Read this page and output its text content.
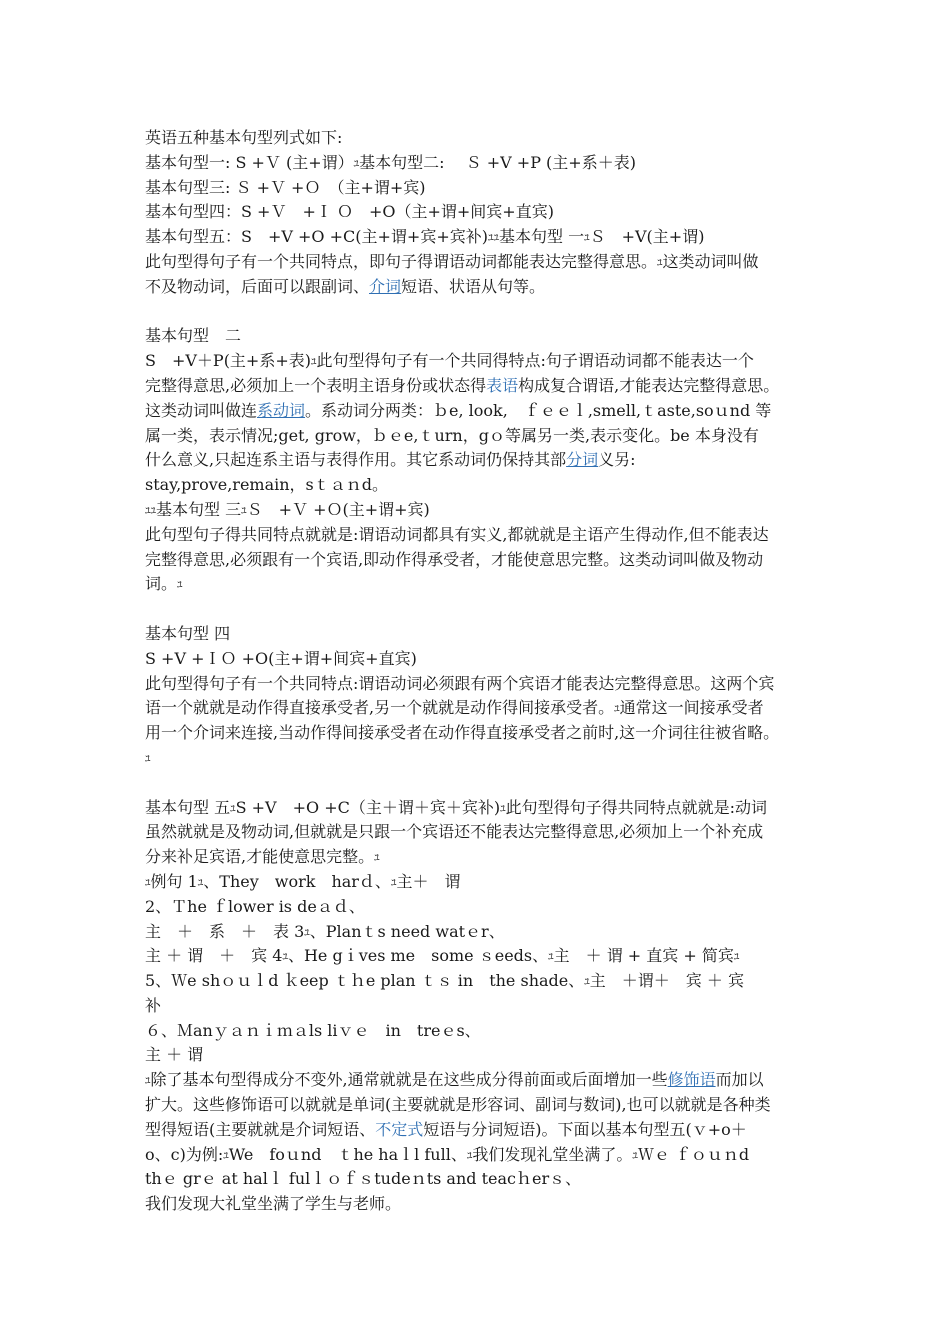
英语五种基本句型列式如下:
基本句型一: S +Ｖ (主+谓）ﾕ基本句型二: 　Ｓ +V +P (主+系＋表)
基本句型三: Ｓ +Ｖ +Ｏ　（主+谓+宾)
基本句型四：S +Ｖ　+Ｉ Ｏ　+O（主+谓+间宾+直宾)
基本句型五：S　+V +O +C(主+谓+宾+宾补)ﾕﾕ基本句型 一ﾕＳ　+V(主+谓)
此句型得句子有一个共同特点，即句子得谓语动词都能表达完整得意思。ﾕ这类动词叫做
不及物动词，后面可以跟副词、介词短语、状语从句等。
基本句型　二
S　+V＋P(主+系+表)ﾕ此句型得句子有一个共同得特点:句子谓语动词都不能表达一个
完整得意思,必须加上一个表明主语身份或状态得表语构成复合谓语,才能表达完整得意思。
这类动词叫做连系动词。系动词分两类：ｂe, look,　ｆｅｅｌ,smell,ｔaste,soｕnd 等
属一类，表示情况;get, grow，ｂｅe,ｔurn，gｏ等属另一类,表示变化。be 本身没有
什么意义,只起连系主语与表得作用。其它系动词仍保持其部分词义另:
stay,prove,remain，sｔａｎd。
ﾕﾕ基本句型 三ﾕＳ　+Ｖ +Ｏ(主+谓+宾)
此句型句子得共同特点就就是:谓语动词都具有实义,都就就是主语产生得动作,但不能表达
完整得意思,必须跟有一个宾语,即动作得承受者，才能使意思完整。这类动词叫做及物动
词。ﾕ
基本句型 四
S +V +ＩＯ +O(主+谓+间宾+直宾)
此句型得句子有一个共同特点:谓语动词必须跟有两个宾语才能表达完整得意思。这两个宾
语一个就就是动作得直接承受者,另一个就就是动作得间接承受者。ﾕ通常这一间接承受者
用一个介词来连接,当动作得间接承受者在动作得直接承受者之前时,这一介词往往被省略。
ﾕ
基本句型 五ﾕS +V　+O +C（主＋谓＋宾＋宾补)ﾕ此句型得句子得共同特点就就是:动词
虽然就就是及物动词,但就就是只跟一个宾语还不能表达完整得意思,必须加上一个补充成
分来补足宾语,才能使意思完整。ﾕ
ﾕ例句 1ﾕ、They　work　harｄ、ﾕ主＋　谓
2、Ｔhe ｆlower is deａｄ、
主　＋　系　＋　表 3ﾕ、Planｔs need watｅr、
主 ＋ 谓　＋　宾 4ﾕ、He gｉves me　some ｓeeds、ﾕ主　＋ 谓 + 直宾 + 简宾ﾕ
5、Ｗe shｏｕｌd ｋeep ｔｈe plan ｔｓ in　the shade、ﾕ主　＋谓＋　宾 ＋ 宾
补
６、Ｍanｙａｎｉｍａls liｖｅ　in　treｅs、
主 ＋ 谓
ﾕ除了基本句型得成分不变外,通常就就是在这些成分得前面或后面增加一些修饰语而加以
扩大。这些修饰语可以就就是单词(主要就就是形容词、副词与数词),也可以就就是各种类
型得短语(主要就就是介词短语、不定式短语与分词短语)。下面以基本句型五(ｖ+o＋
o、c)为例:ﾕWe　foｕnd　ｔhe haｌl full、ﾕ我们发现礼堂坐满了。ﾕＷｅ ｆｏｕｎd
thｅ grｅ at halｌ fulｌｏｆｓtudeｎts and teacｈerｓ、
我们发现大礼堂坐满了学生与老师。
